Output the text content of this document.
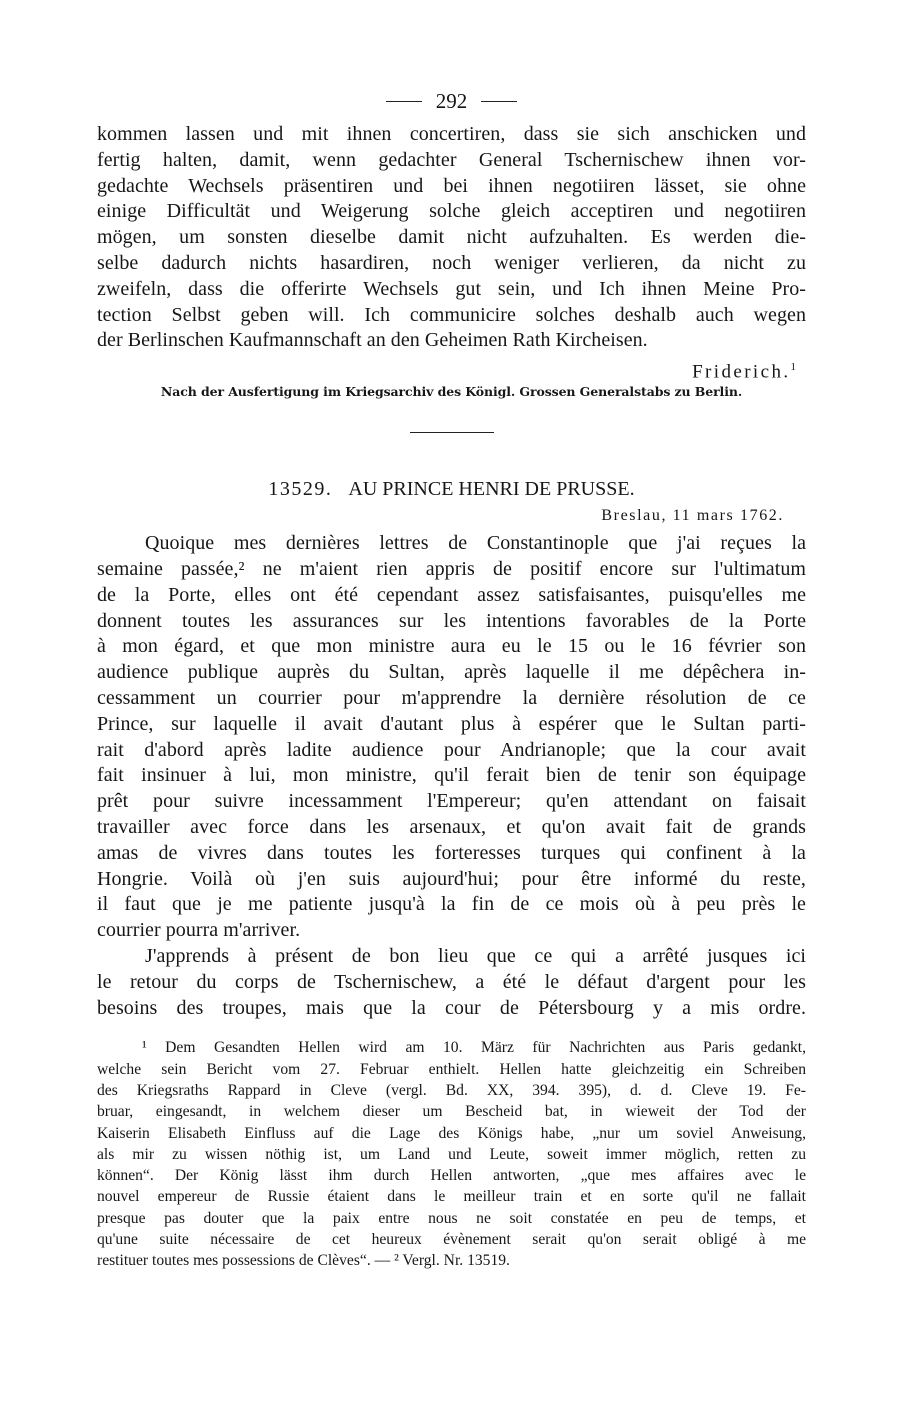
292
kommen lassen und mit ihnen concertiren, dass sie sich anschicken und
fertig halten, damit, wenn gedachter General Tschernischew ihnen vor-
gedachte Wechsels präsentiren und bei ihnen negotiiren lässet, sie ohne
einige Difficultät und Weigerung solche gleich acceptiren und negotiiren
mögen, um sonsten dieselbe damit nicht aufzuhalten. Es werden die-
selbe dadurch nichts hasardiren, noch weniger verlieren, da nicht zu
zweifeln, dass die offerirte Wechsels gut sein, und Ich ihnen Meine Pro-
tection Selbst geben will. Ich communicire solches deshalb auch wegen
der Berlinschen Kaufmannschaft an den Geheimen Rath Kircheisen.
Friderich.$^1$
Nach der Ausfertigung im Kriegsarchiv des Königl. Grossen Generalstabs zu Berlin.
13529. AU PRINCE HENRI DE PRUSSE.
Breslau, 11 mars 1762.
Quoique mes dernières lettres de Constantinople que j'ai reçues la
semaine passée,² ne m'aient rien appris de positif encore sur l'ultimatum
de la Porte, elles ont été cependant assez satisfaisantes, puisqu'elles me
donnent toutes les assurances sur les intentions favorables de la Porte
à mon égard, et que mon ministre aura eu le 15 ou le 16 février son
audience publique auprès du Sultan, après laquelle il me dépêchera in-
cessamment un courrier pour m'apprendre la dernière résolution de ce
Prince, sur laquelle il avait d'autant plus à espérer que le Sultan parti-
rait d'abord après ladite audience pour Andrianople; que la cour avait
fait insinuer à lui, mon ministre, qu'il ferait bien de tenir son équipage
prêt pour suivre incessamment l'Empereur; qu'en attendant on faisait
travailler avec force dans les arsenaux, et qu'on avait fait de grands
amas de vivres dans toutes les forteresses turques qui confinent à la
Hongrie. Voilà où j'en suis aujourd'hui; pour être informé du reste,
il faut que je me patiente jusqu'à la fin de ce mois où à peu près le
courrier pourra m'arriver.
J'apprends à présent de bon lieu que ce qui a arrêté jusques ici
le retour du corps de Tschernischew, a été le défaut d'argent pour les
besoins des troupes, mais que la cour de Pétersbourg y a mis ordre.
¹ Dem Gesandten Hellen wird am 10. März für Nachrichten aus Paris gedankt,
welche sein Bericht vom 27. Februar enthielt. Hellen hatte gleichzeitig ein Schreiben
des Kriegsraths Rappard in Cleve (vergl. Bd. XX, 394. 395), d. d. Cleve 19. Fe-
bruar, eingesandt, in welchem dieser um Bescheid bat, in wieweit der Tod der
Kaiserin Elisabeth Einfluss auf die Lage des Königs habe, „nur um soviel Anweisung,
als mir zu wissen nöthig ist, um Land und Leute, soweit immer möglich, retten zu
können“. Der König lässt ihm durch Hellen antworten, „que mes affaires avec le
nouvel empereur de Russie étaient dans le meilleur train et en sorte qu'il ne fallait
presque pas douter que la paix entre nous ne soit constatée en peu de temps, et
qu'une suite nécessaire de cet heureux évènement serait qu'on serait obligé à me
restituer toutes mes possessions de Clèves“. — ² Vergl. Nr. 13519.
